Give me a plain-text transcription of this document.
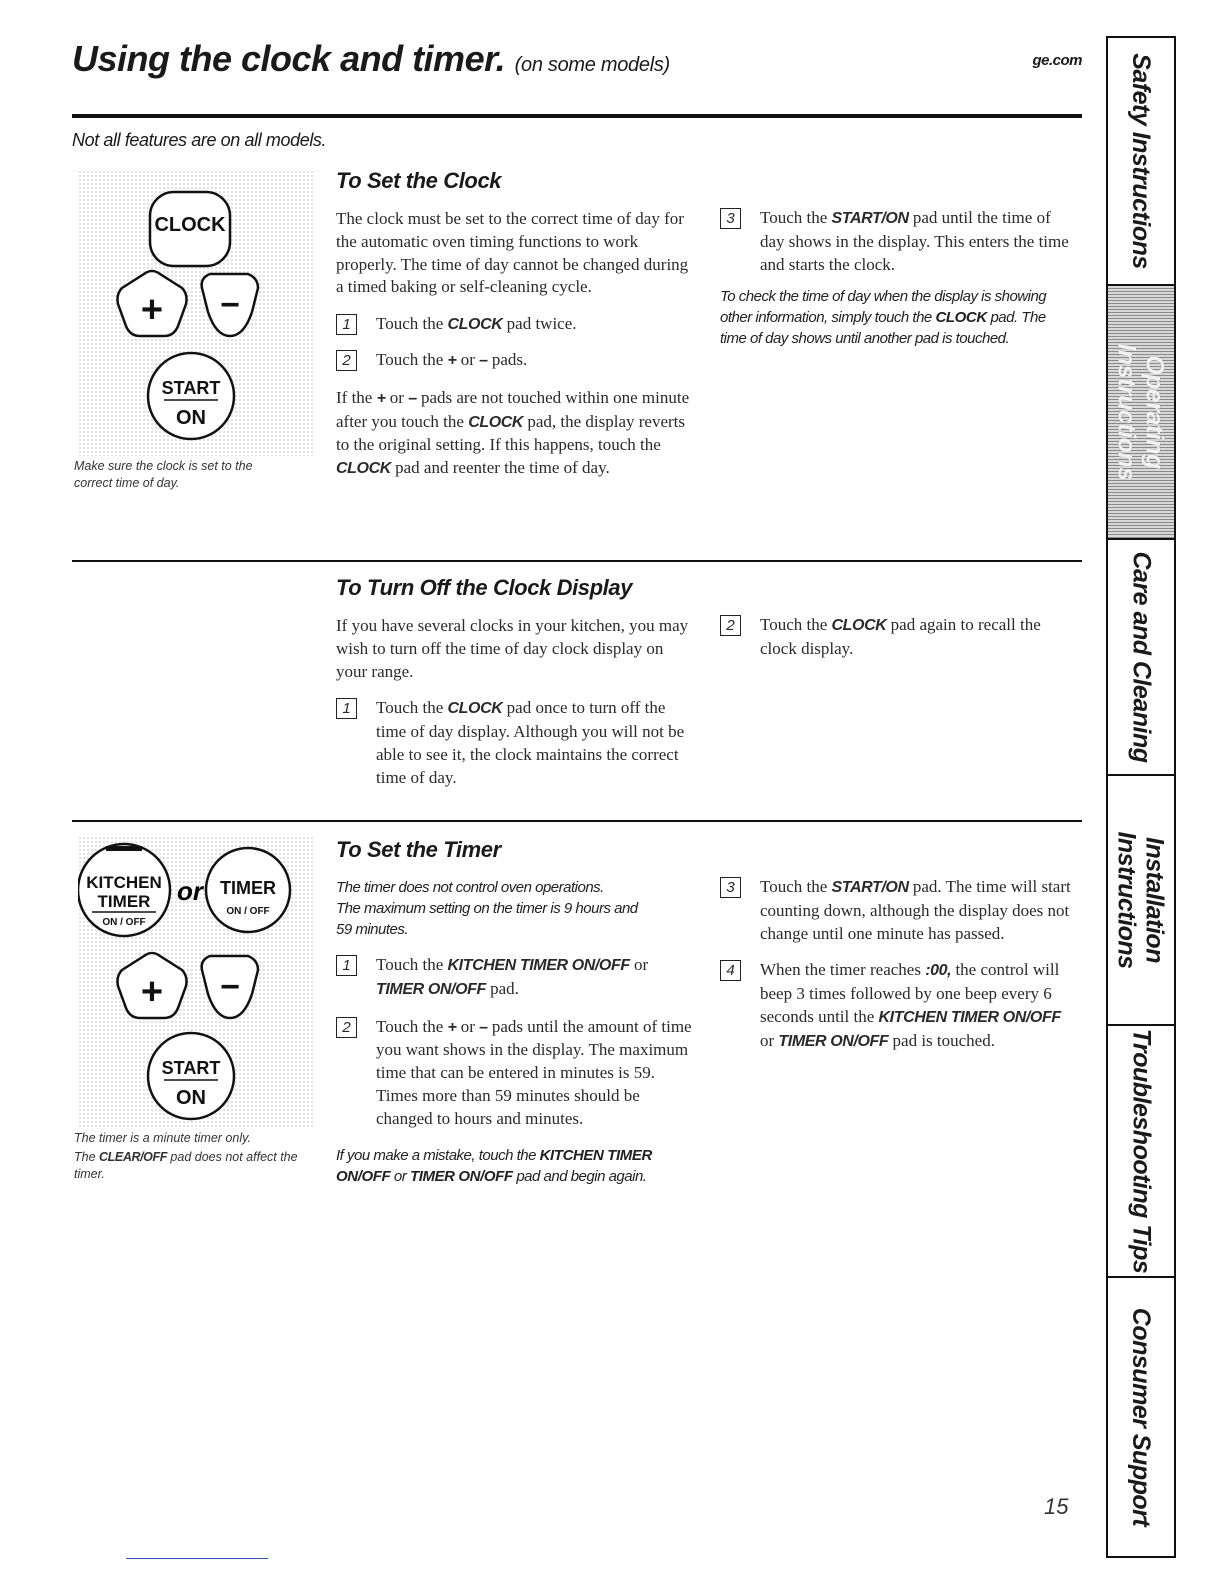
Using the clock and timer. (on some models)	ge.com
Not all features are on all models.
CLOCK
+ −
START
ON
Make sure the clock is set to the correct time of day.
To Set the Clock

The clock must be set to the correct time of day for the automatic oven timing functions to work properly. The time of day cannot be changed during a timed baking or self-cleaning cycle.

1	Touch the CLOCK pad twice.
2	Touch the + or – pads.

If the + or – pads are not touched within one minute after you touch the CLOCK pad, the display reverts to the original setting. If this happens, touch the CLOCK pad and reenter the time of day.

3	Touch the START/ON pad until the time of day shows in the display. This enters the time and starts the clock.

To check the time of day when the display is showing other information, simply touch the CLOCK pad. The time of day shows until another pad is touched.

To Turn Off the Clock Display

If you have several clocks in your kitchen, you may wish to turn off the time of day clock display on your range.

1	Touch the CLOCK pad once to turn off the time of day display. Although you will not be able to see it, the clock maintains the correct time of day.
2	Touch the CLOCK pad again to recall the clock display.
KITCHEN
TIMER
ON / OFF
or TIMER
ON / OFF
+ −
START
ON
The timer is a minute timer only.
The CLEAR/OFF pad does not affect the timer.
To Set the Timer
The timer does not control oven operations.
The maximum setting on the timer is 9 hours and 59 minutes.
1	Touch the KITCHEN TIMER ON/OFF or TIMER ON/OFF pad.
2	Touch the + or – pads until the amount of time you want shows in the display. The maximum time that can be entered in minutes is 59. Times more than 59 minutes should be changed to hours and minutes.

If you make a mistake, touch the KITCHEN TIMER ON/OFF or TIMER ON/OFF pad and begin again.

3	Touch the START/ON pad. The time will start counting down, although the display does not change until one minute has passed.
4	When the timer reaches :00, the control will beep 3 times followed by one beep every 6 seconds until the KITCHEN TIMER ON/OFF or TIMER ON/OFF pad is touched.
Safety Instructions
Operating Instructions
Care and Cleaning
Installation Instructions
Troubleshooting Tips
Consumer Support
15
